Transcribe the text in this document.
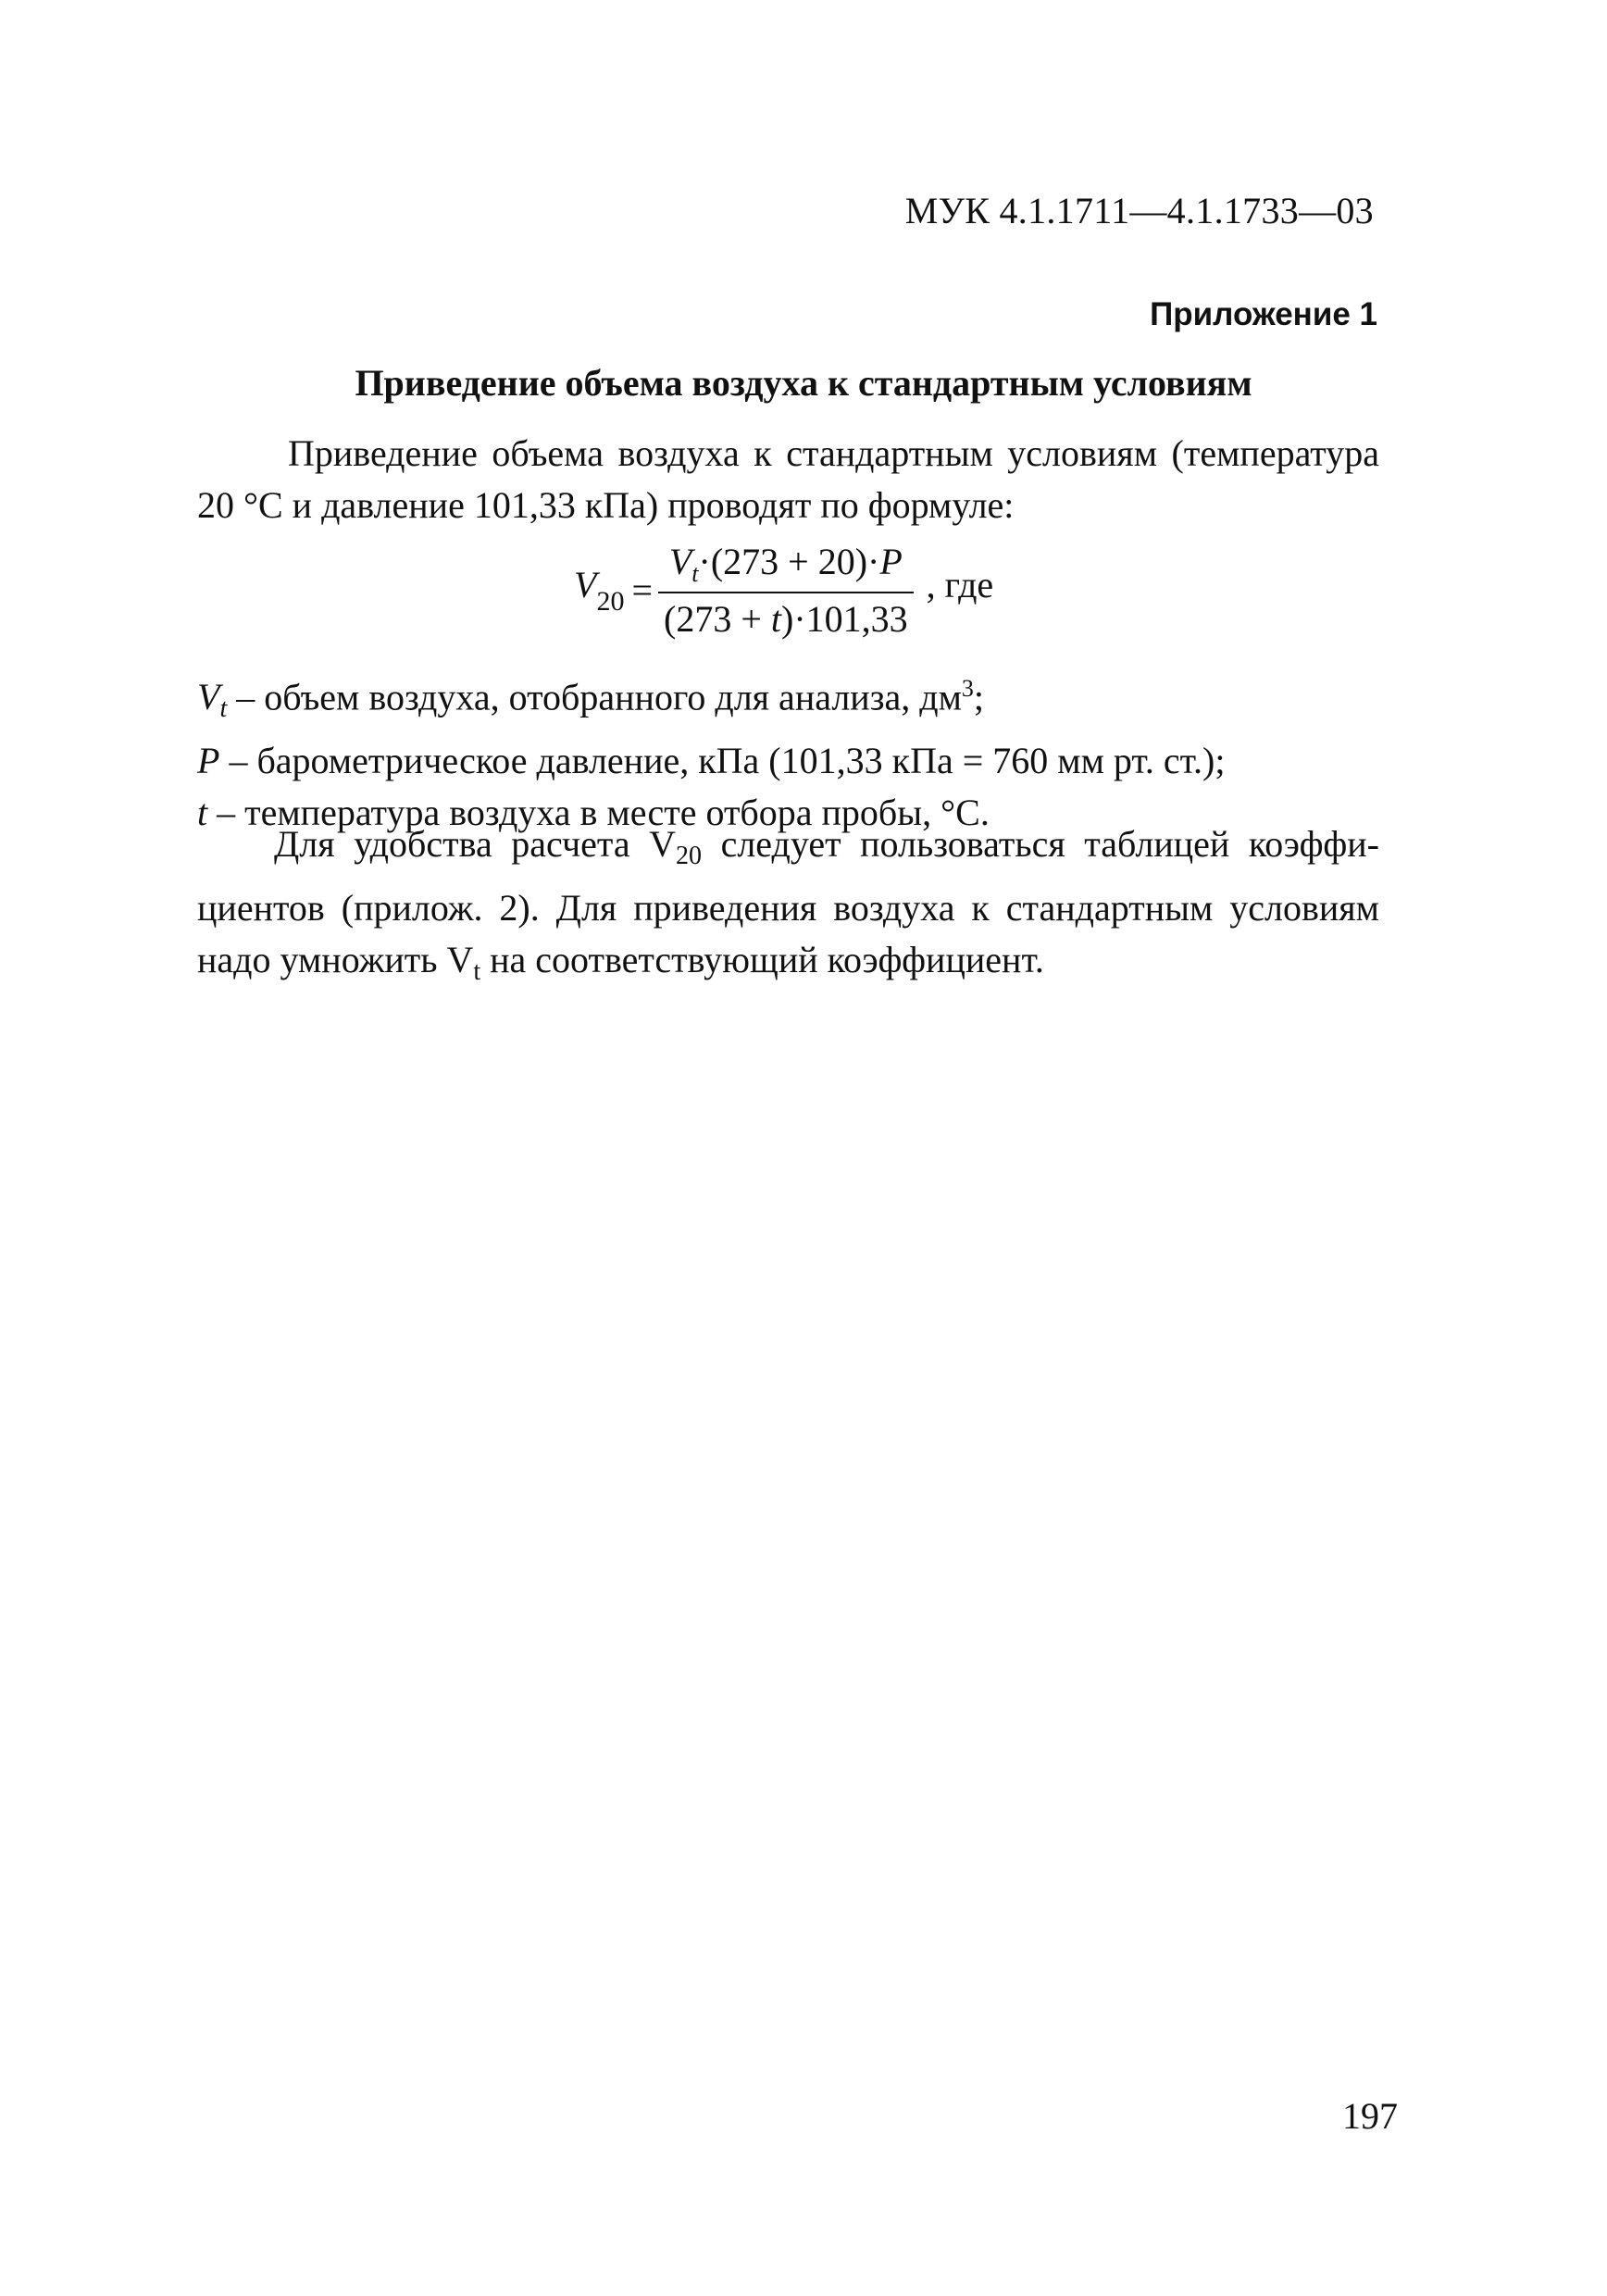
МУК 4.1.1711—4.1.1733—03
Приложение 1
Приведение объема воздуха к стандартным условиям
Приведение объема воздуха к стандартным условиям (температура
20 °С и давление 101,33 кПа) проводят по формуле:
$V_{20} = \frac{V_t\cdot(273 + 20)\cdot P}{(273 + t)\cdot 101,33}$ , где
$V_t$ – объем воздуха, отобранного для анализа, $дм^3$;
P – барометрическое давление, кПа (101,33 кПа = 760 мм рт. ст.);
t – температура воздуха в месте отбора пробы, °С.
Для удобства расчета $V_{20}$ следует пользоваться таблицей коэффи-
циентов (прилож. 2). Для приведения воздуха к стандартным условиям
надо умножить $V_t$ на соответствующий коэффициент.
197
